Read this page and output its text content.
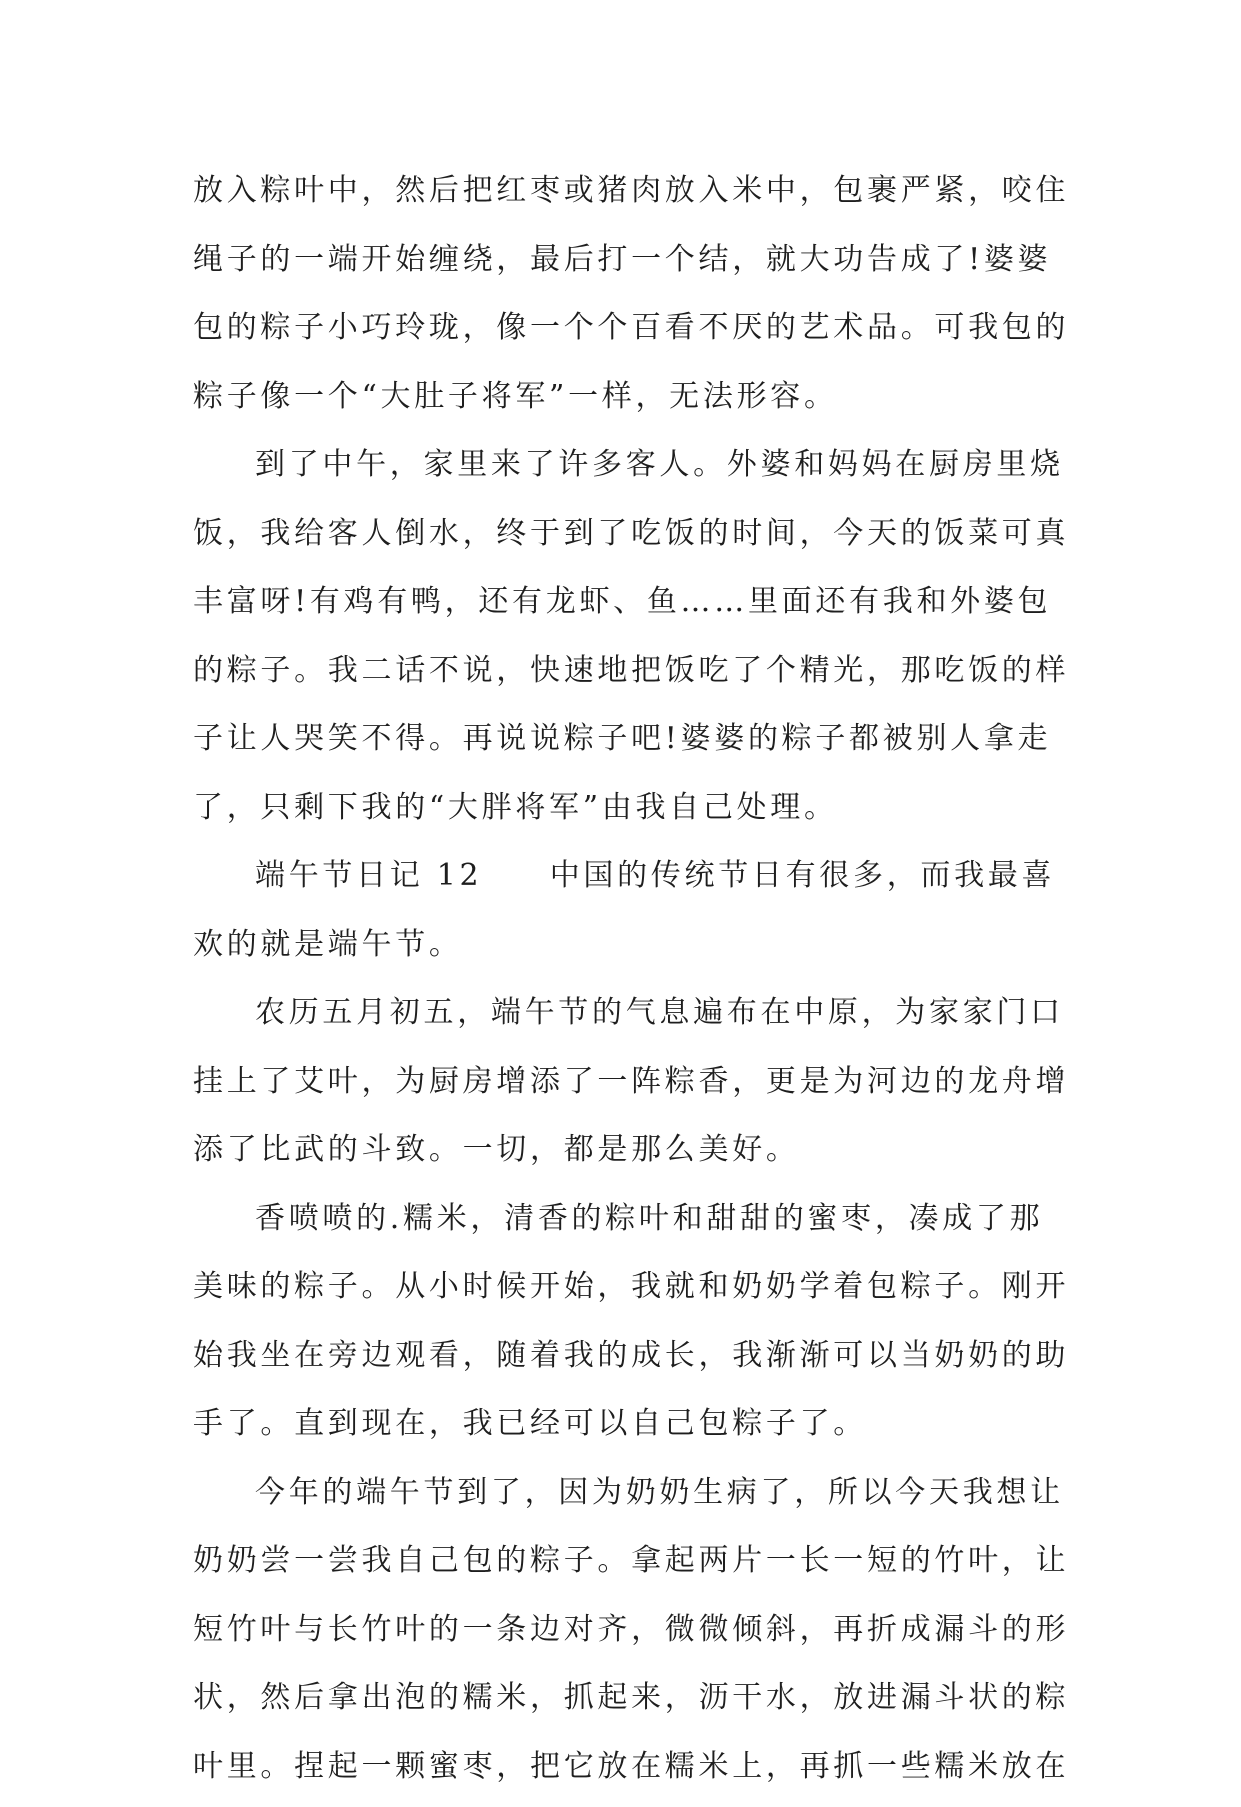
放入粽叶中，然后把红枣或猪肉放入米中，包裹严紧，咬住
绳子的一端开始缠绕，最后打一个结，就大功告成了!婆婆
包的粽子小巧玲珑，像一个个百看不厌的艺术品。可我包的
粽子像一个“大肚子将军”一样，无法形容。
到了中午，家里来了许多客人。外婆和妈妈在厨房里烧
饭，我给客人倒水，终于到了吃饭的时间，今天的饭菜可真
丰富呀!有鸡有鸭，还有龙虾、鱼……里面还有我和外婆包
的粽子。我二话不说，快速地把饭吃了个精光，那吃饭的样
子让人哭笑不得。再说说粽子吧!婆婆的粽子都被别人拿走
了，只剩下我的“大胖将军”由我自己处理。
端午节日记 12　　中国的传统节日有很多，而我最喜
欢的就是端午节。
农历五月初五，端午节的气息遍布在中原，为家家门口
挂上了艾叶，为厨房增添了一阵粽香，更是为河边的龙舟增
添了比武的斗致。一切，都是那么美好。
香喷喷的.糯米，清香的粽叶和甜甜的蜜枣，凑成了那
美味的粽子。从小时候开始，我就和奶奶学着包粽子。刚开
始我坐在旁边观看，随着我的成长，我渐渐可以当奶奶的助
手了。直到现在，我已经可以自己包粽子了。
今年的端午节到了，因为奶奶生病了，所以今天我想让
奶奶尝一尝我自己包的粽子。拿起两片一长一短的竹叶，让
短竹叶与长竹叶的一条边对齐，微微倾斜，再折成漏斗的形
状，然后拿出泡的糯米，抓起来，沥干水，放进漏斗状的粽
叶里。捏起一颗蜜枣，把它放在糯米上，再抓一些糯米放在
